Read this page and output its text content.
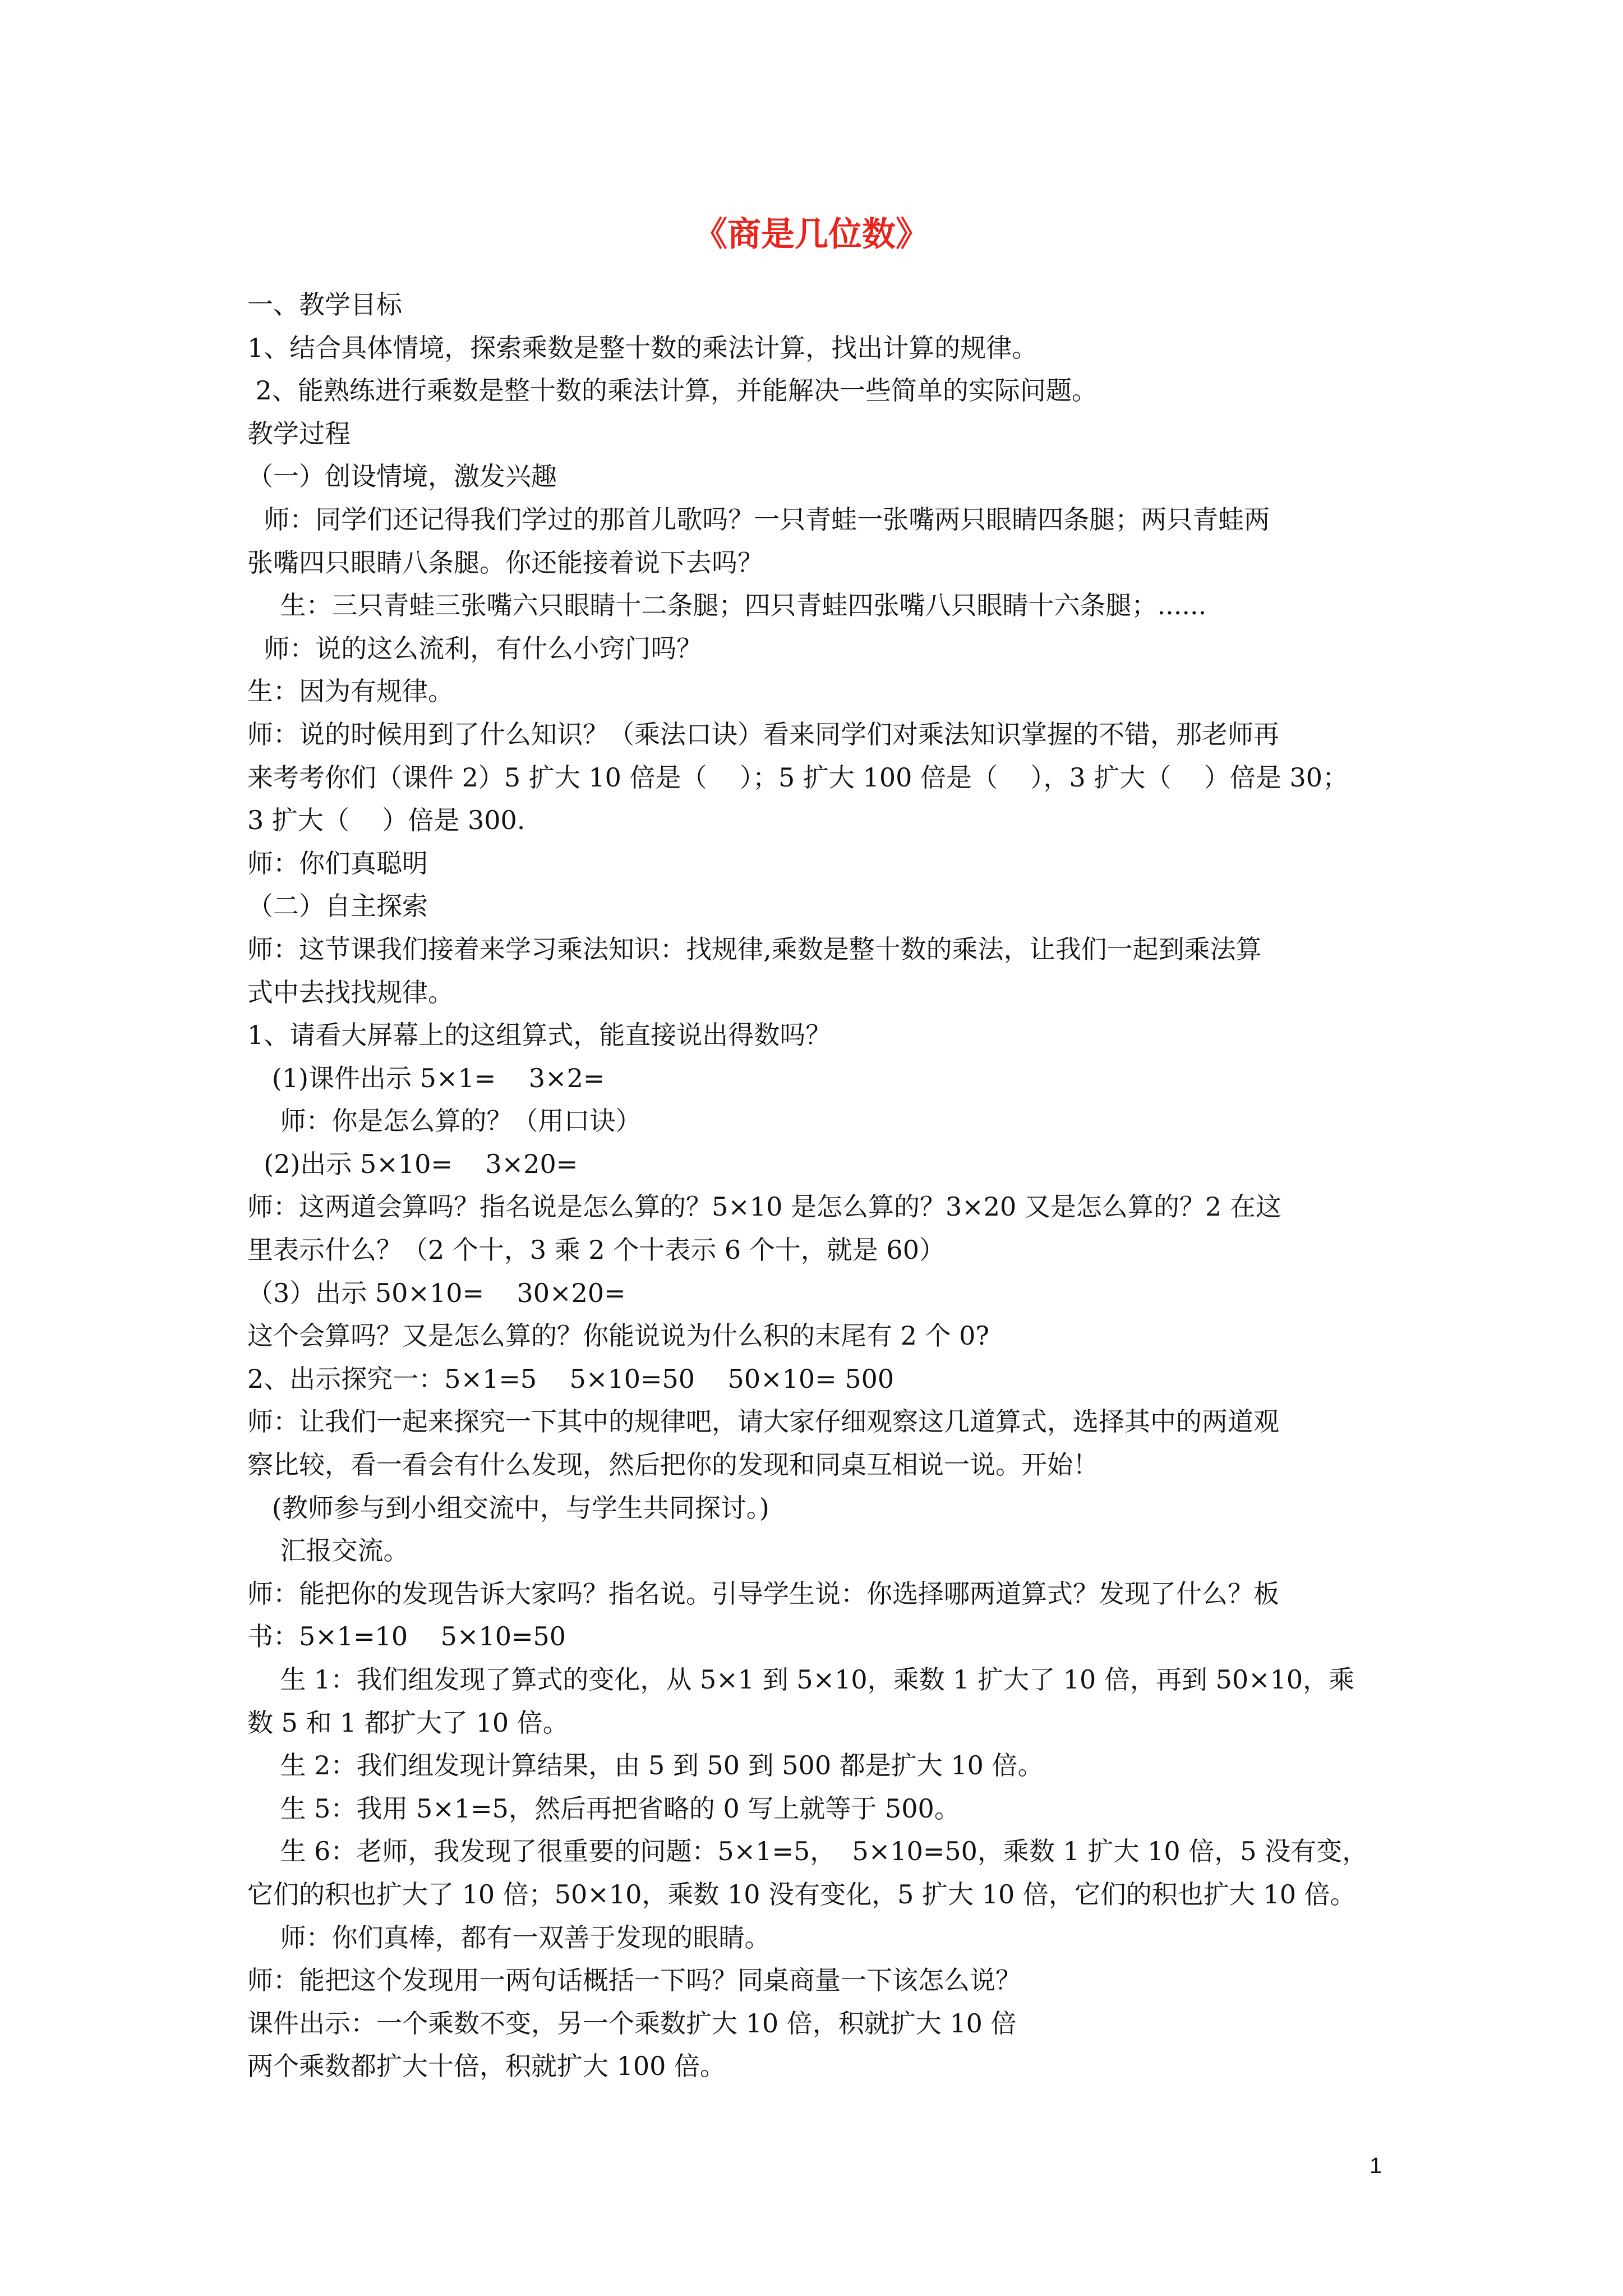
《商是几位数》
一、教学目标
1、结合具体情境，探索乘数是整十数的乘法计算，找出计算的规律。
2、能熟练进行乘数是整十数的乘法计算，并能解决一些简单的实际问题。
教学过程
（一）创设情境，激发兴趣
师：同学们还记得我们学过的那首儿歌吗？一只青蛙一张嘴两只眼睛四条腿；两只青蛙两
张嘴四只眼睛八条腿。你还能接着说下去吗？
生：三只青蛙三张嘴六只眼睛十二条腿；四只青蛙四张嘴八只眼睛十六条腿；......
师：说的这么流利，有什么小窍门吗？
生：因为有规律。
师：说的时候用到了什么知识？（乘法口诀）看来同学们对乘法知识掌握的不错，那老师再
来考考你们（课件 2）5 扩大 10 倍是（    ）；5 扩大 100 倍是（    ），3 扩大（    ）倍是 30；
3 扩大（    ）倍是 300.
师：你们真聪明
（二）自主探索
师：这节课我们接着来学习乘法知识：找规律,乘数是整十数的乘法，让我们一起到乘法算
式中去找找规律。
1、请看大屏幕上的这组算式，能直接说出得数吗？
(1)课件出示 5×1=    3×2=
师：你是怎么算的？（用口诀）
(2)出示 5×10=    3×20=
师：这两道会算吗？指名说是怎么算的？5×10 是怎么算的？3×20 又是怎么算的？2 在这
里表示什么？（2 个十，3 乘 2 个十表示 6 个十，就是 60）
（3）出示 50×10=    30×20=
这个会算吗？又是怎么算的？你能说说为什么积的末尾有 2 个 0?
2、出示探究一：5×1=5    5×10=50    50×10= 500
师：让我们一起来探究一下其中的规律吧，请大家仔细观察这几道算式，选择其中的两道观
察比较，看一看会有什么发现，然后把你的发现和同桌互相说一说。开始！
(教师参与到小组交流中，与学生共同探讨。)
汇报交流。
师：能把你的发现告诉大家吗？指名说。引导学生说：你选择哪两道算式？发现了什么？板
书：5×1=10    5×10=50
生 1：我们组发现了算式的变化，从 5×1 到 5×10，乘数 1 扩大了 10 倍，再到 50×10，乘
数 5 和 1 都扩大了 10 倍。
生 2：我们组发现计算结果，由 5 到 50 到 500 都是扩大 10 倍。
生 5：我用 5×1=5，然后再把省略的 0 写上就等于 500。
生 6：老师，我发现了很重要的问题：5×1=5，  5×10=50，乘数 1 扩大 10 倍，5 没有变，
它们的积也扩大了 10 倍；50×10，乘数 10 没有变化，5 扩大 10 倍，它们的积也扩大 10 倍。
师：你们真棒，都有一双善于发现的眼睛。
师：能把这个发现用一两句话概括一下吗？同桌商量一下该怎么说？
课件出示：一个乘数不变，另一个乘数扩大 10 倍，积就扩大 10 倍
两个乘数都扩大十倍，积就扩大 100 倍。
1
